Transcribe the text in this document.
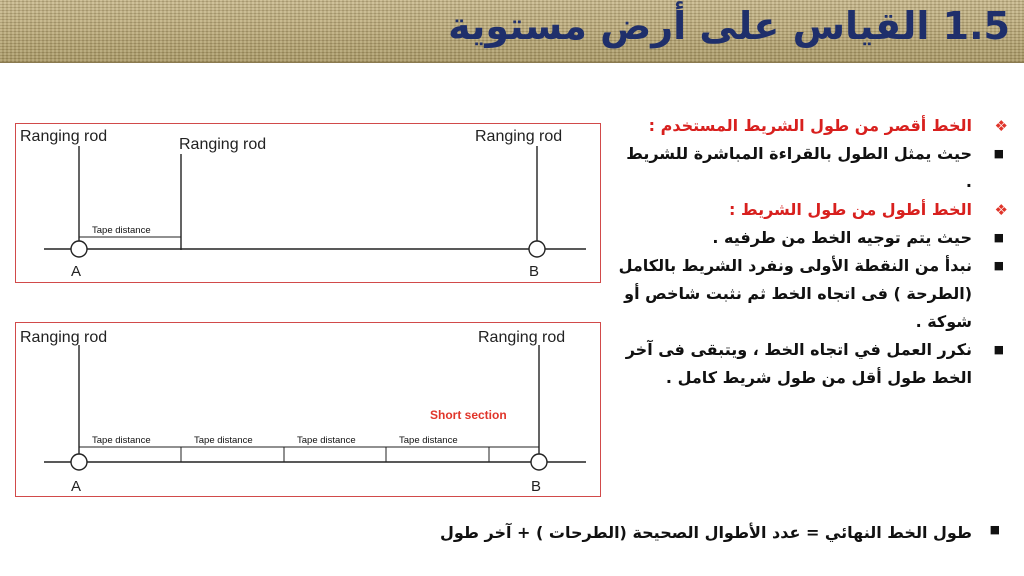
1.5 القياس على أرض مستوية
Ranging rod	Ranging rod	Ranging rod
Tape distance
A	B
Ranging rod	Ranging rod
Tape distance	Tape distance	Tape distance	Tape distance
Short section
A	B
❖
الخط أقصر من طول الشريط المستخدم :
■
حيث يمثل الطول بالقراءة المباشرة للشريط .
❖
الخط أطول من طول الشريط :
■
حيث يتم توجيه الخط من طرفيه .
■
نبدأ من النقطة الأولى ونفرد الشريط بالكامل (الطرحة ) فى اتجاه الخط ثم نثبت شاخص أو شوكة .
■
نكرر العمل في اتجاه الخط ، ويتبقى فى آخر الخط طول أقل من طول شريط كامل .
■
طول الخط النهائي = عدد الأطوال الصحيحة (الطرحات ) + آخر طول
